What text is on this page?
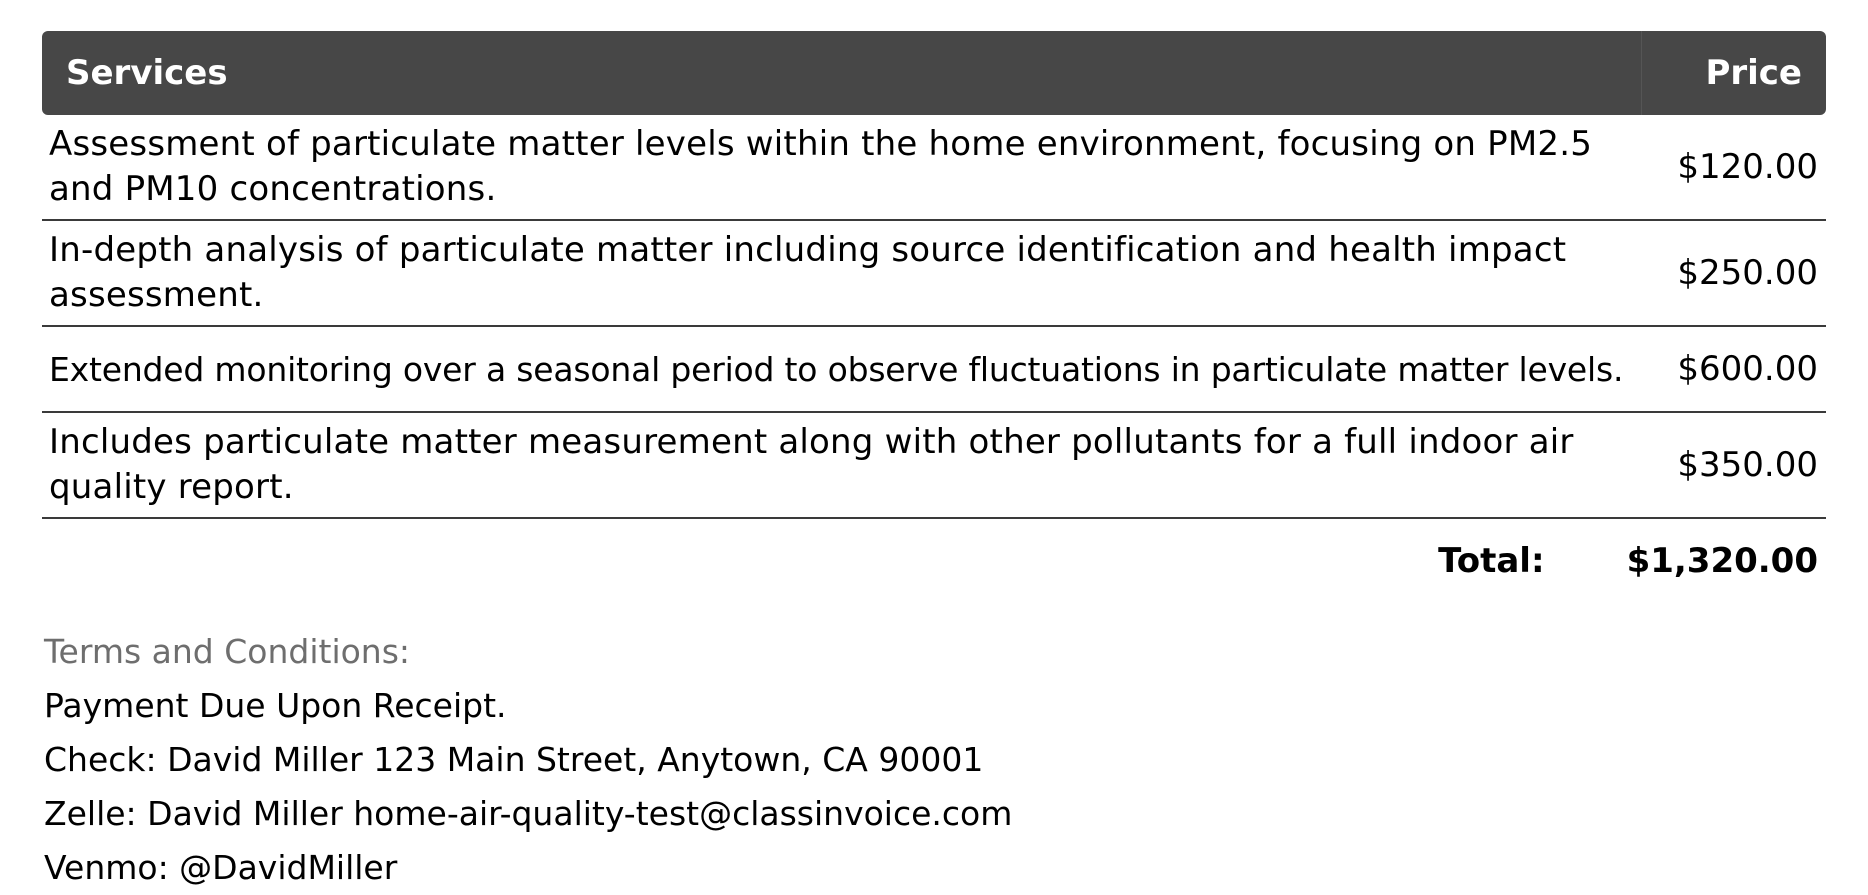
Services	Price
Assessment of particulate matter levels within the home environment, focusing on PM2.5 and PM10 concentrations.
$120.00
In-depth analysis of particulate matter including source identification and health impact assessment.
$250.00
Extended monitoring over a seasonal period to observe fluctuations in particulate matter levels.	$600.00
Includes particulate matter measurement along with other pollutants for a full indoor air quality report.
$350.00
Total: $1,320.00
Terms and Conditions:
Payment Due Upon Receipt.
Check: David Miller 123 Main Street, Anytown, CA 90001
Zelle: David Miller home-air-quality-test@classinvoice.com
Venmo: @DavidMiller
